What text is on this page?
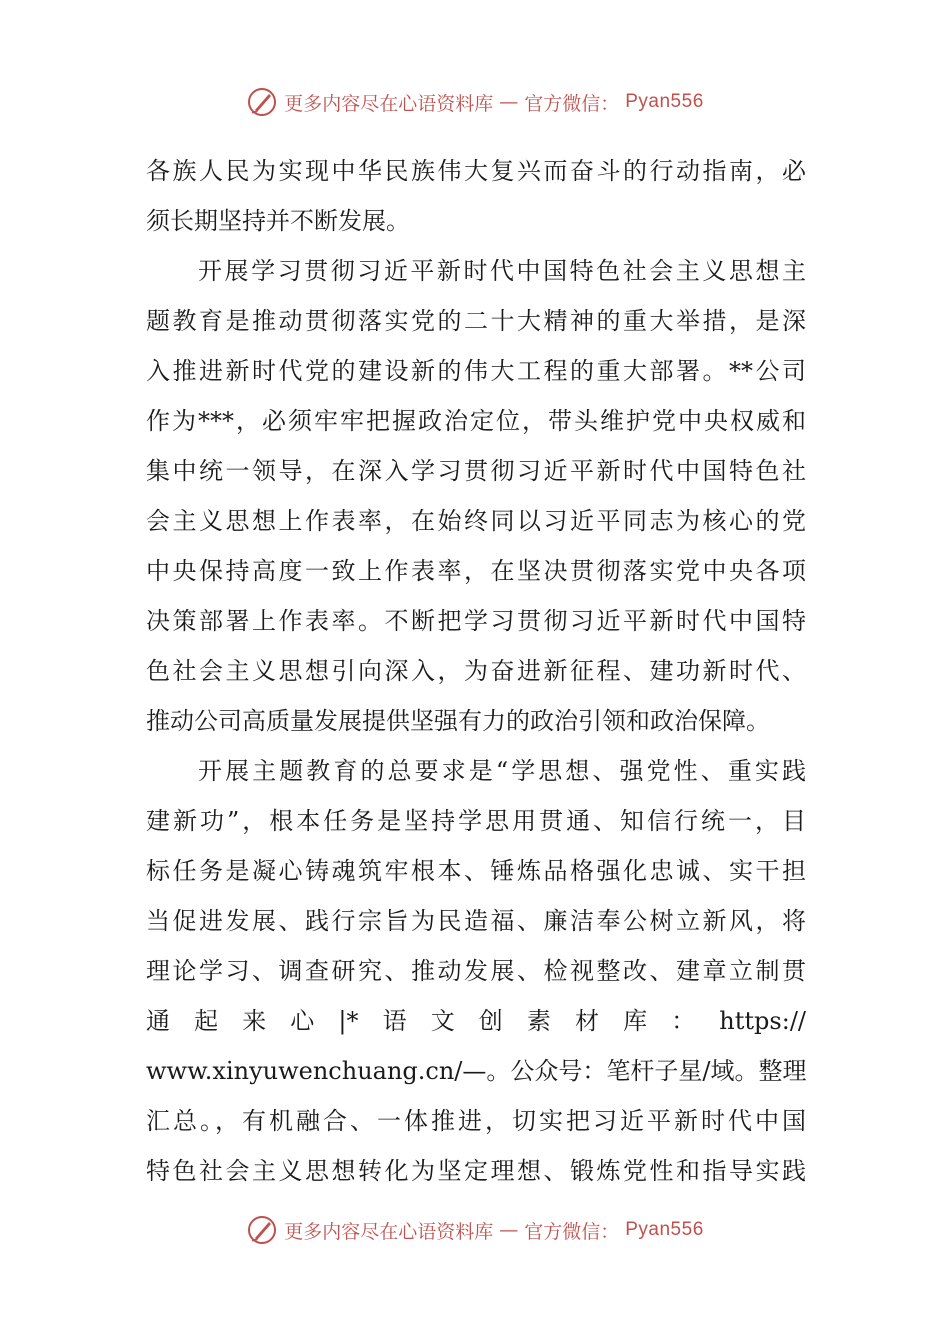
更多内容尽在心语资料库 — 官方微信： Pyan556
各族人民为实现中华民族伟大复兴而奋斗的行动指南，必
须长期坚持并不断发展。
开展学习贯彻习近平新时代中国特色社会主义思想主
题教育是推动贯彻落实党的二十大精神的重大举措，是深
入推进新时代党的建设新的伟大工程的重大部署。**公司
作为***，必须牢牢把握政治定位，带头维护党中央权威和
集中统一领导，在深入学习贯彻习近平新时代中国特色社
会主义思想上作表率，在始终同以习近平同志为核心的党
中央保持高度一致上作表率，在坚决贯彻落实党中央各项
决策部署上作表率。不断把学习贯彻习近平新时代中国特
色社会主义思想引向深入，为奋进新征程、建功新时代、
推动公司高质量发展提供坚强有力的政治引领和政治保障。
开展主题教育的总要求是“学思想、强党性、重实践
建新功”，根本任务是坚持学思用贯通、知信行统一，目
标任务是凝心铸魂筑牢根本、锤炼品格强化忠诚、实干担
当促进发展、践行宗旨为民造福、廉洁奉公树立新风，将
理论学习、调查研究、推动发展、检视整改、建章立制贯
通起来心|*语文创素材库：https://
www.xinyuwenchuang.cn/—。公众号：笔杆子星/域。整理
汇总。，有机融合、一体推进，切实把习近平新时代中国
特色社会主义思想转化为坚定理想、锻炼党性和指导实践
更多内容尽在心语资料库 — 官方微信： Pyan556
